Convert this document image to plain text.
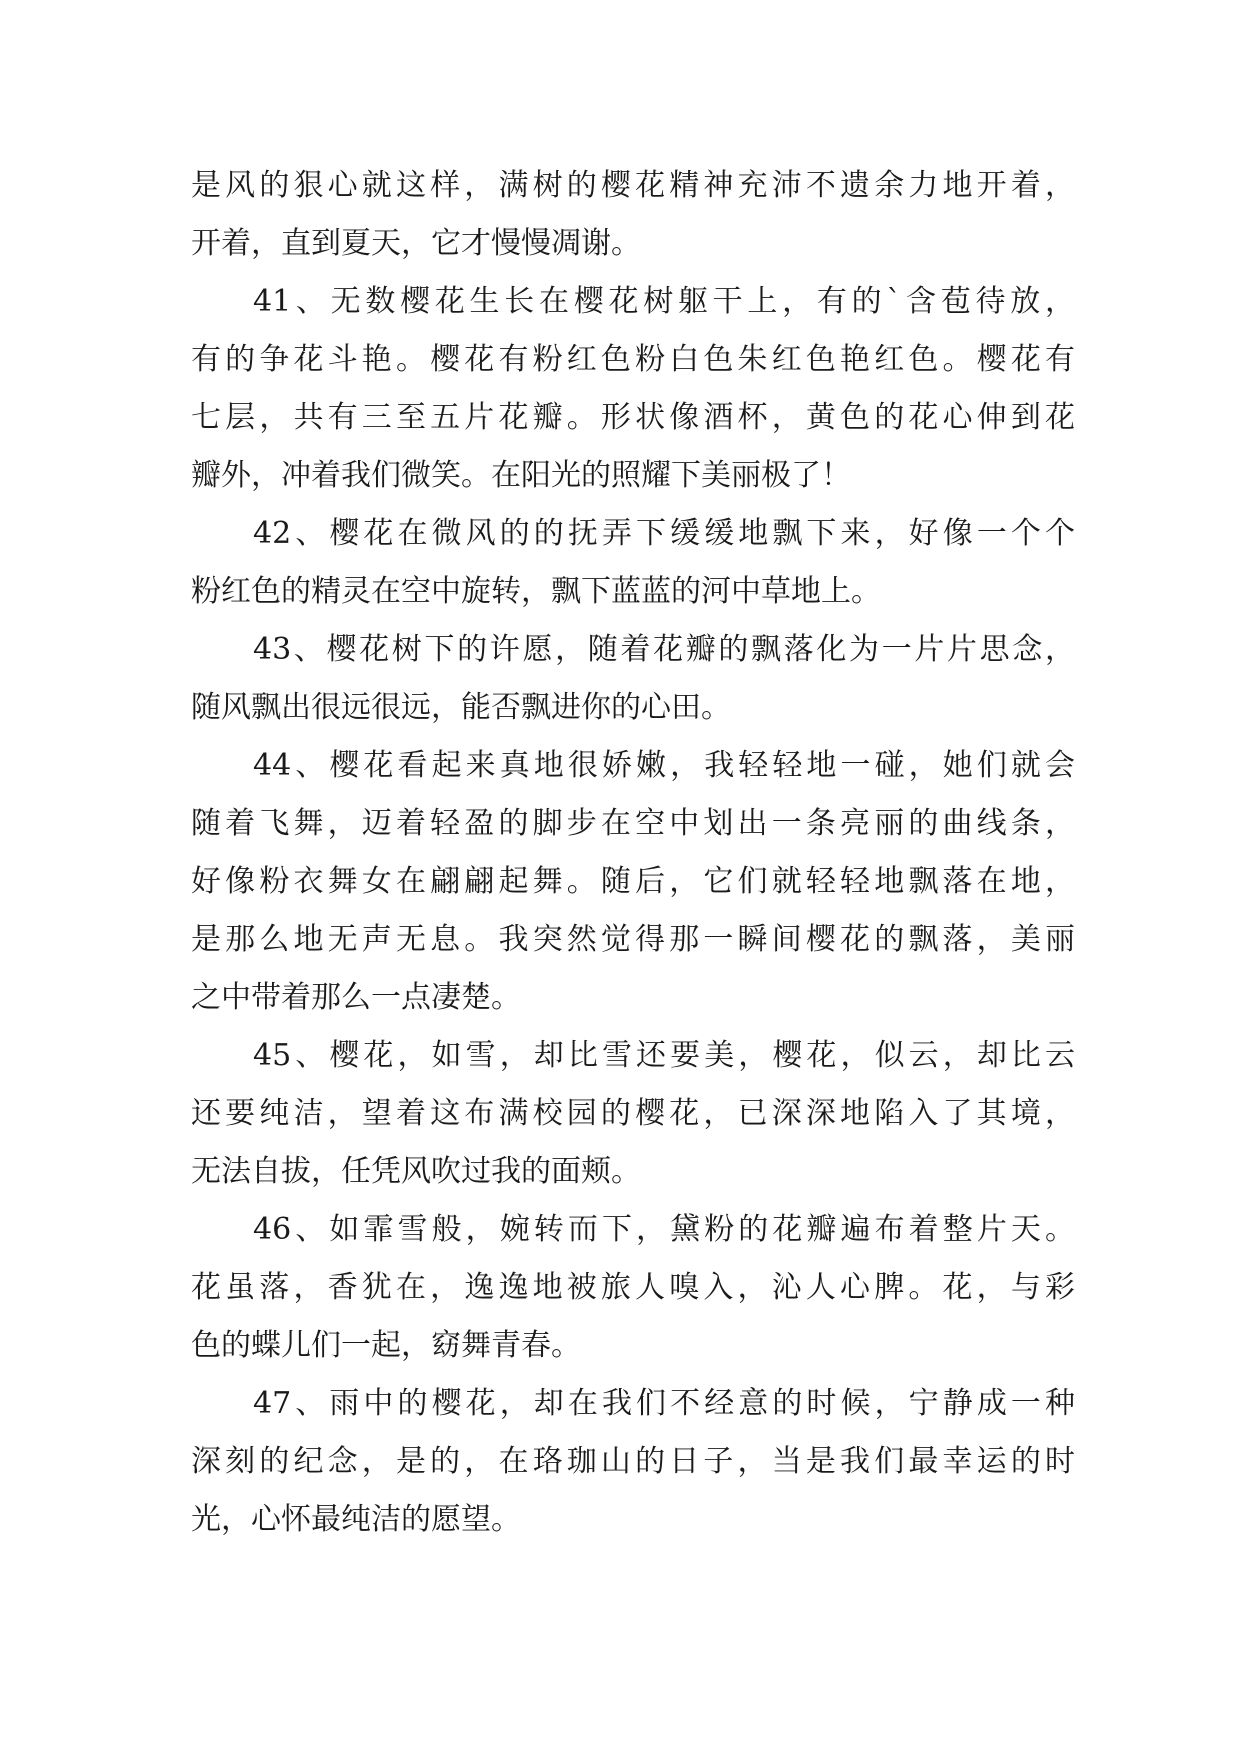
是风的狠心就这样，满树的樱花精神充沛不遗余力地开着，
开着，直到夏天，它才慢慢凋谢。
41、无数樱花生长在樱花树躯干上，有的`含苞待放，
有的争花斗艳。樱花有粉红色粉白色朱红色艳红色。樱花有
七层，共有三至五片花瓣。形状像酒杯，黄色的花心伸到花
瓣外，冲着我们微笑。在阳光的照耀下美丽极了！
42、樱花在微风的的抚弄下缓缓地飘下来，好像一个个
粉红色的精灵在空中旋转，飘下蓝蓝的河中草地上。
43、樱花树下的许愿，随着花瓣的飘落化为一片片思念，
随风飘出很远很远，能否飘进你的心田。
44、樱花看起来真地很娇嫩，我轻轻地一碰，她们就会
随着飞舞，迈着轻盈的脚步在空中划出一条亮丽的曲线条，
好像粉衣舞女在翩翩起舞。随后，它们就轻轻地飘落在地，
是那么地无声无息。我突然觉得那一瞬间樱花的飘落，美丽
之中带着那么一点凄楚。
45、樱花，如雪，却比雪还要美，樱花，似云，却比云
还要纯洁，望着这布满校园的樱花，已深深地陷入了其境，
无法自拔，任凭风吹过我的面颊。
46、如霏雪般，婉转而下，黛粉的花瓣遍布着整片天。
花虽落，香犹在，逸逸地被旅人嗅入，沁人心脾。花，与彩
色的蝶儿们一起，窈舞青春。
47、雨中的樱花，却在我们不经意的时候，宁静成一种
深刻的纪念，是的，在珞珈山的日子，当是我们最幸运的时
光，心怀最纯洁的愿望。
